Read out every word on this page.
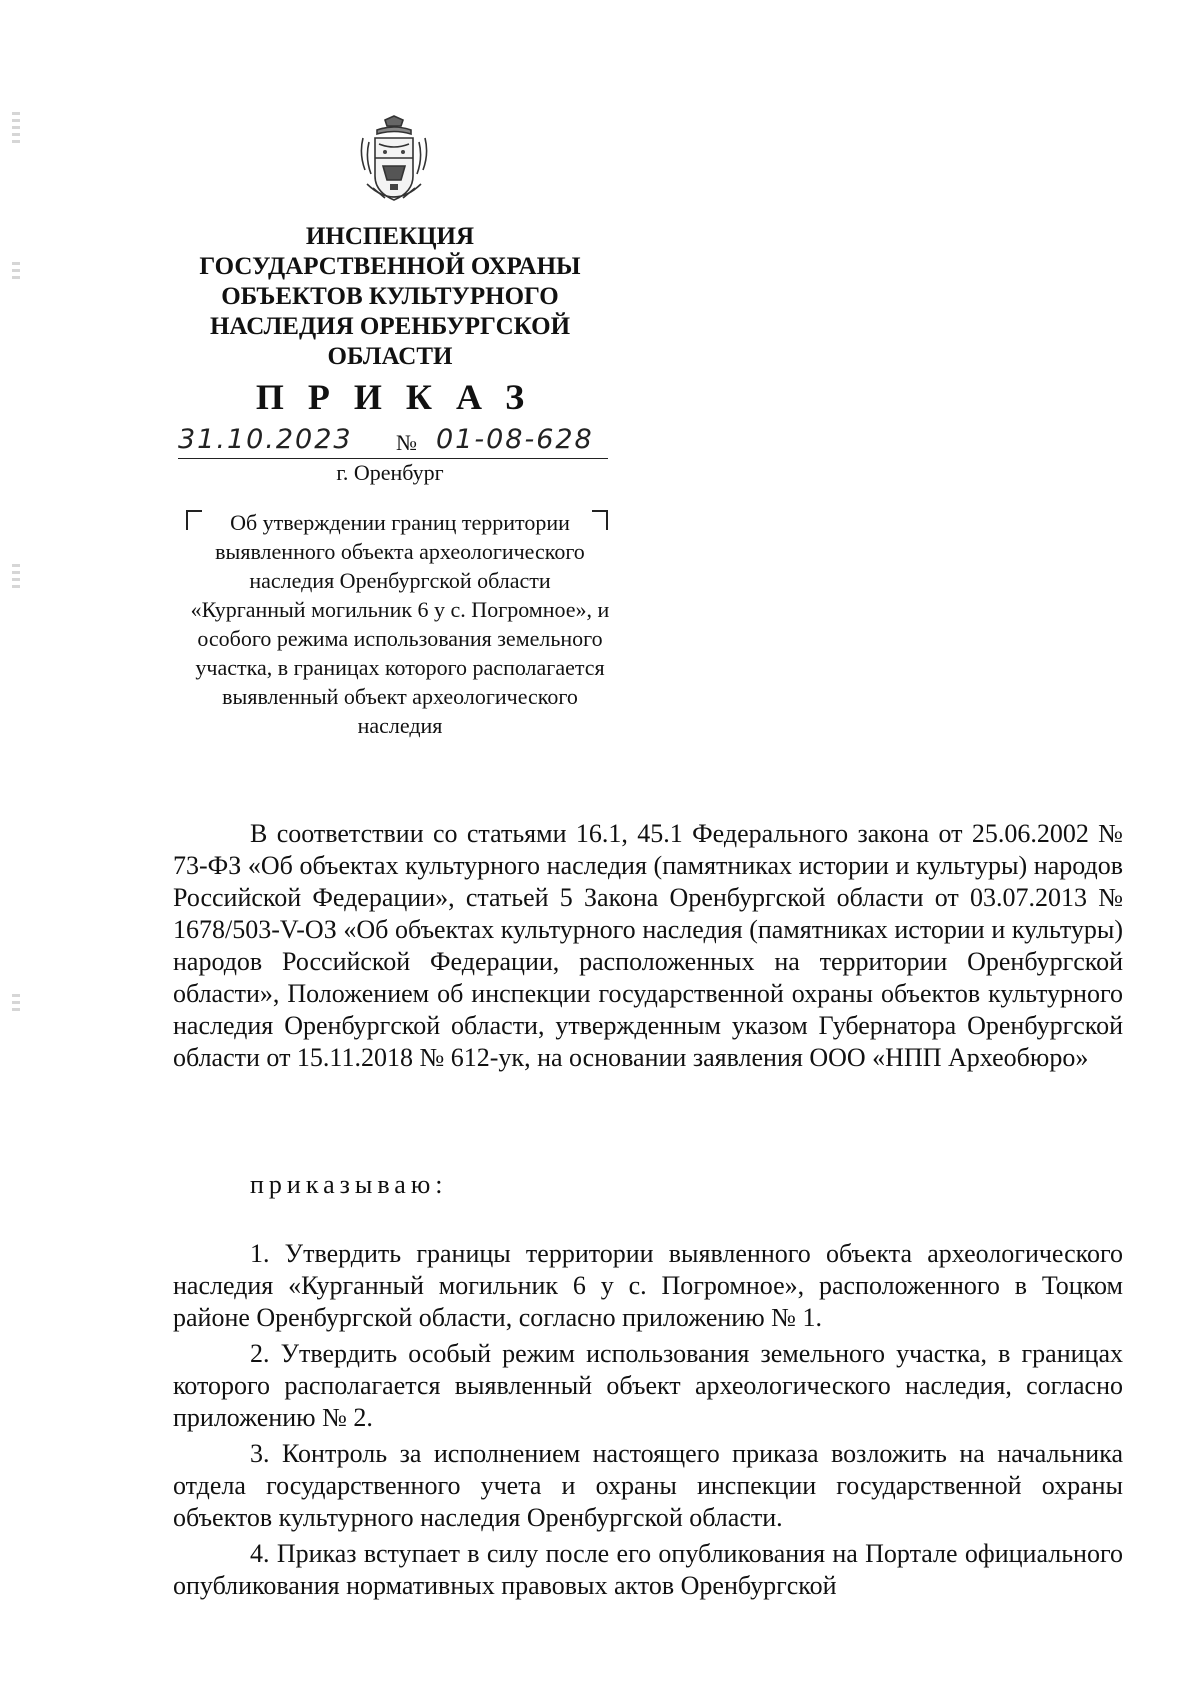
ИНСПЕКЦИЯ
ГОСУДАРСТВЕННОЙ ОХРАНЫ
ОБЪЕКТОВ КУЛЬТУРНОГО
НАСЛЕДИЯ ОРЕНБУРГСКОЙ
ОБЛАСТИ
ПРИКАЗ
31.10.2023 № 01-08-628
г. Оренбург
Об утверждении границ территории выявленного объекта археологического наследия Оренбургской области «Курганный могильник 6 у с. Погромное», и особого режима использования земельного участка, в границах которого располагается выявленный объект археологического наследия
В соответствии со статьями 16.1, 45.1 Федерального закона от 25.06.2002 № 73-ФЗ «Об объектах культурного наследия (памятниках истории и культуры) народов Российской Федерации», статьей 5 Закона Оренбургской области от 03.07.2013 № 1678/503-V-ОЗ «Об объектах культурного наследия (памятниках истории и культуры) народов Российской Федерации, расположенных на территории Оренбургской области», Положением об инспекции государственной охраны объектов культурного наследия Оренбургской области, утвержденным указом Губернатора Оренбургской области от 15.11.2018 № 612-ук, на основании заявления ООО «НПП Археобюро»
приказываю:

1. Утвердить границы территории выявленного объекта археологического наследия «Курганный могильник 6 у с. Погромное», расположенного в Тоцком районе Оренбургской области, согласно приложению № 1.

2. Утвердить особый режим использования земельного участка, в границах которого располагается выявленный объект археологического наследия, согласно приложению № 2.

3. Контроль за исполнением настоящего приказа возложить на начальника отдела государственного учета и охраны инспекции государственной охраны объектов культурного наследия Оренбургской области.

4. Приказ вступает в силу после его опубликования на Портале официального опубликования нормативных правовых актов Оренбургской
